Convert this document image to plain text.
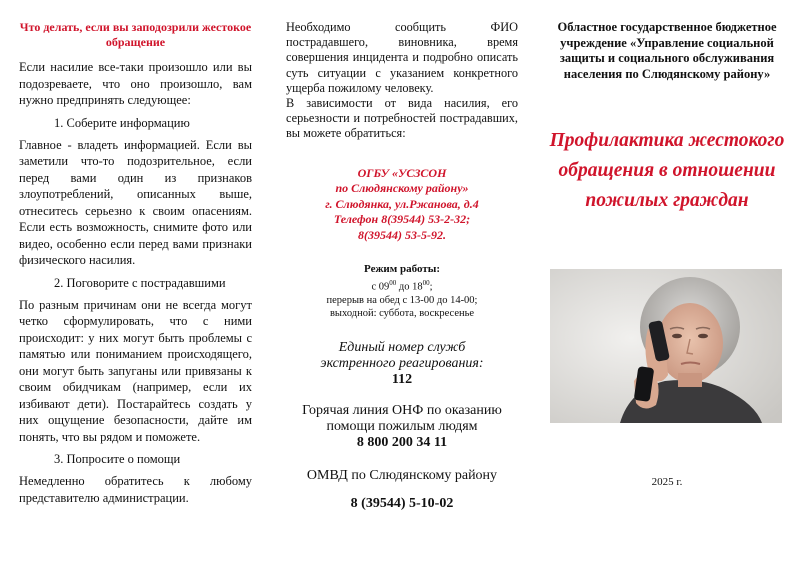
Что делать, если вы заподозрили жестокое обращение

Если насилие все-таки произошло или вы подозреваете, что оно произошло, вам нужно предпринять следующее:

1. Соберите информацию

Главное - владеть информацией. Если вы заметили что-то подозрительное, если перед вами один из признаков злоупотреблений, описанных выше, отнеситесь серьезно к своим опасениям. Если есть возможность, снимите фото или видео, особенно если перед вами признаки физического насилия.

2. Поговорите с пострадавшими

По разным причинам они не всегда могут четко сформулировать, что с ними происходит: у них могут быть проблемы с памятью или пониманием происходящего, они могут быть запуганы или привязаны к своим обидчикам (например, если их избивают дети). Постарайтесь создать у них ощущение безопасности, дайте им понять, что вы рядом и поможете.

3. Попросите о помощи

Немедленно обратитесь к любому представителю администрации.

Необходимо сообщить ФИО пострадавшего, виновника, время совершения инцидента и подробно описать суть ситуации с указанием конкретного ущерба пожилому человеку.

В зависимости от вида насилия, его серьезности и потребностей пострадавших, вы можете обратиться:

ОГБУ «УСЗСОН
по Слюдянскому району»
г. Слюдянка, ул.Ржанова, д.4
Телефон 8(39544) 53-2-32;
8(39544) 53-5-92.
Режим работы:
с $09^{00}$ до $18^{00}$;
перерыв на обед с 13-00 до 14-00;
выходной: суббота, воскресенье
Единый номер служб
экстренного реагирования:
112
Горячая линия ОНФ по оказанию
помощи пожилым людям
8 800 200 34 11
ОМВД по Слюдянскому району
8 (39544) 5-10-02

Областное государственное бюджетное учреждение «Управление социальной защиты и социального обслуживания населения по Слюдянскому району»

Профилактика жестокого обращения в отношении пожилых граждан

2025 г.
